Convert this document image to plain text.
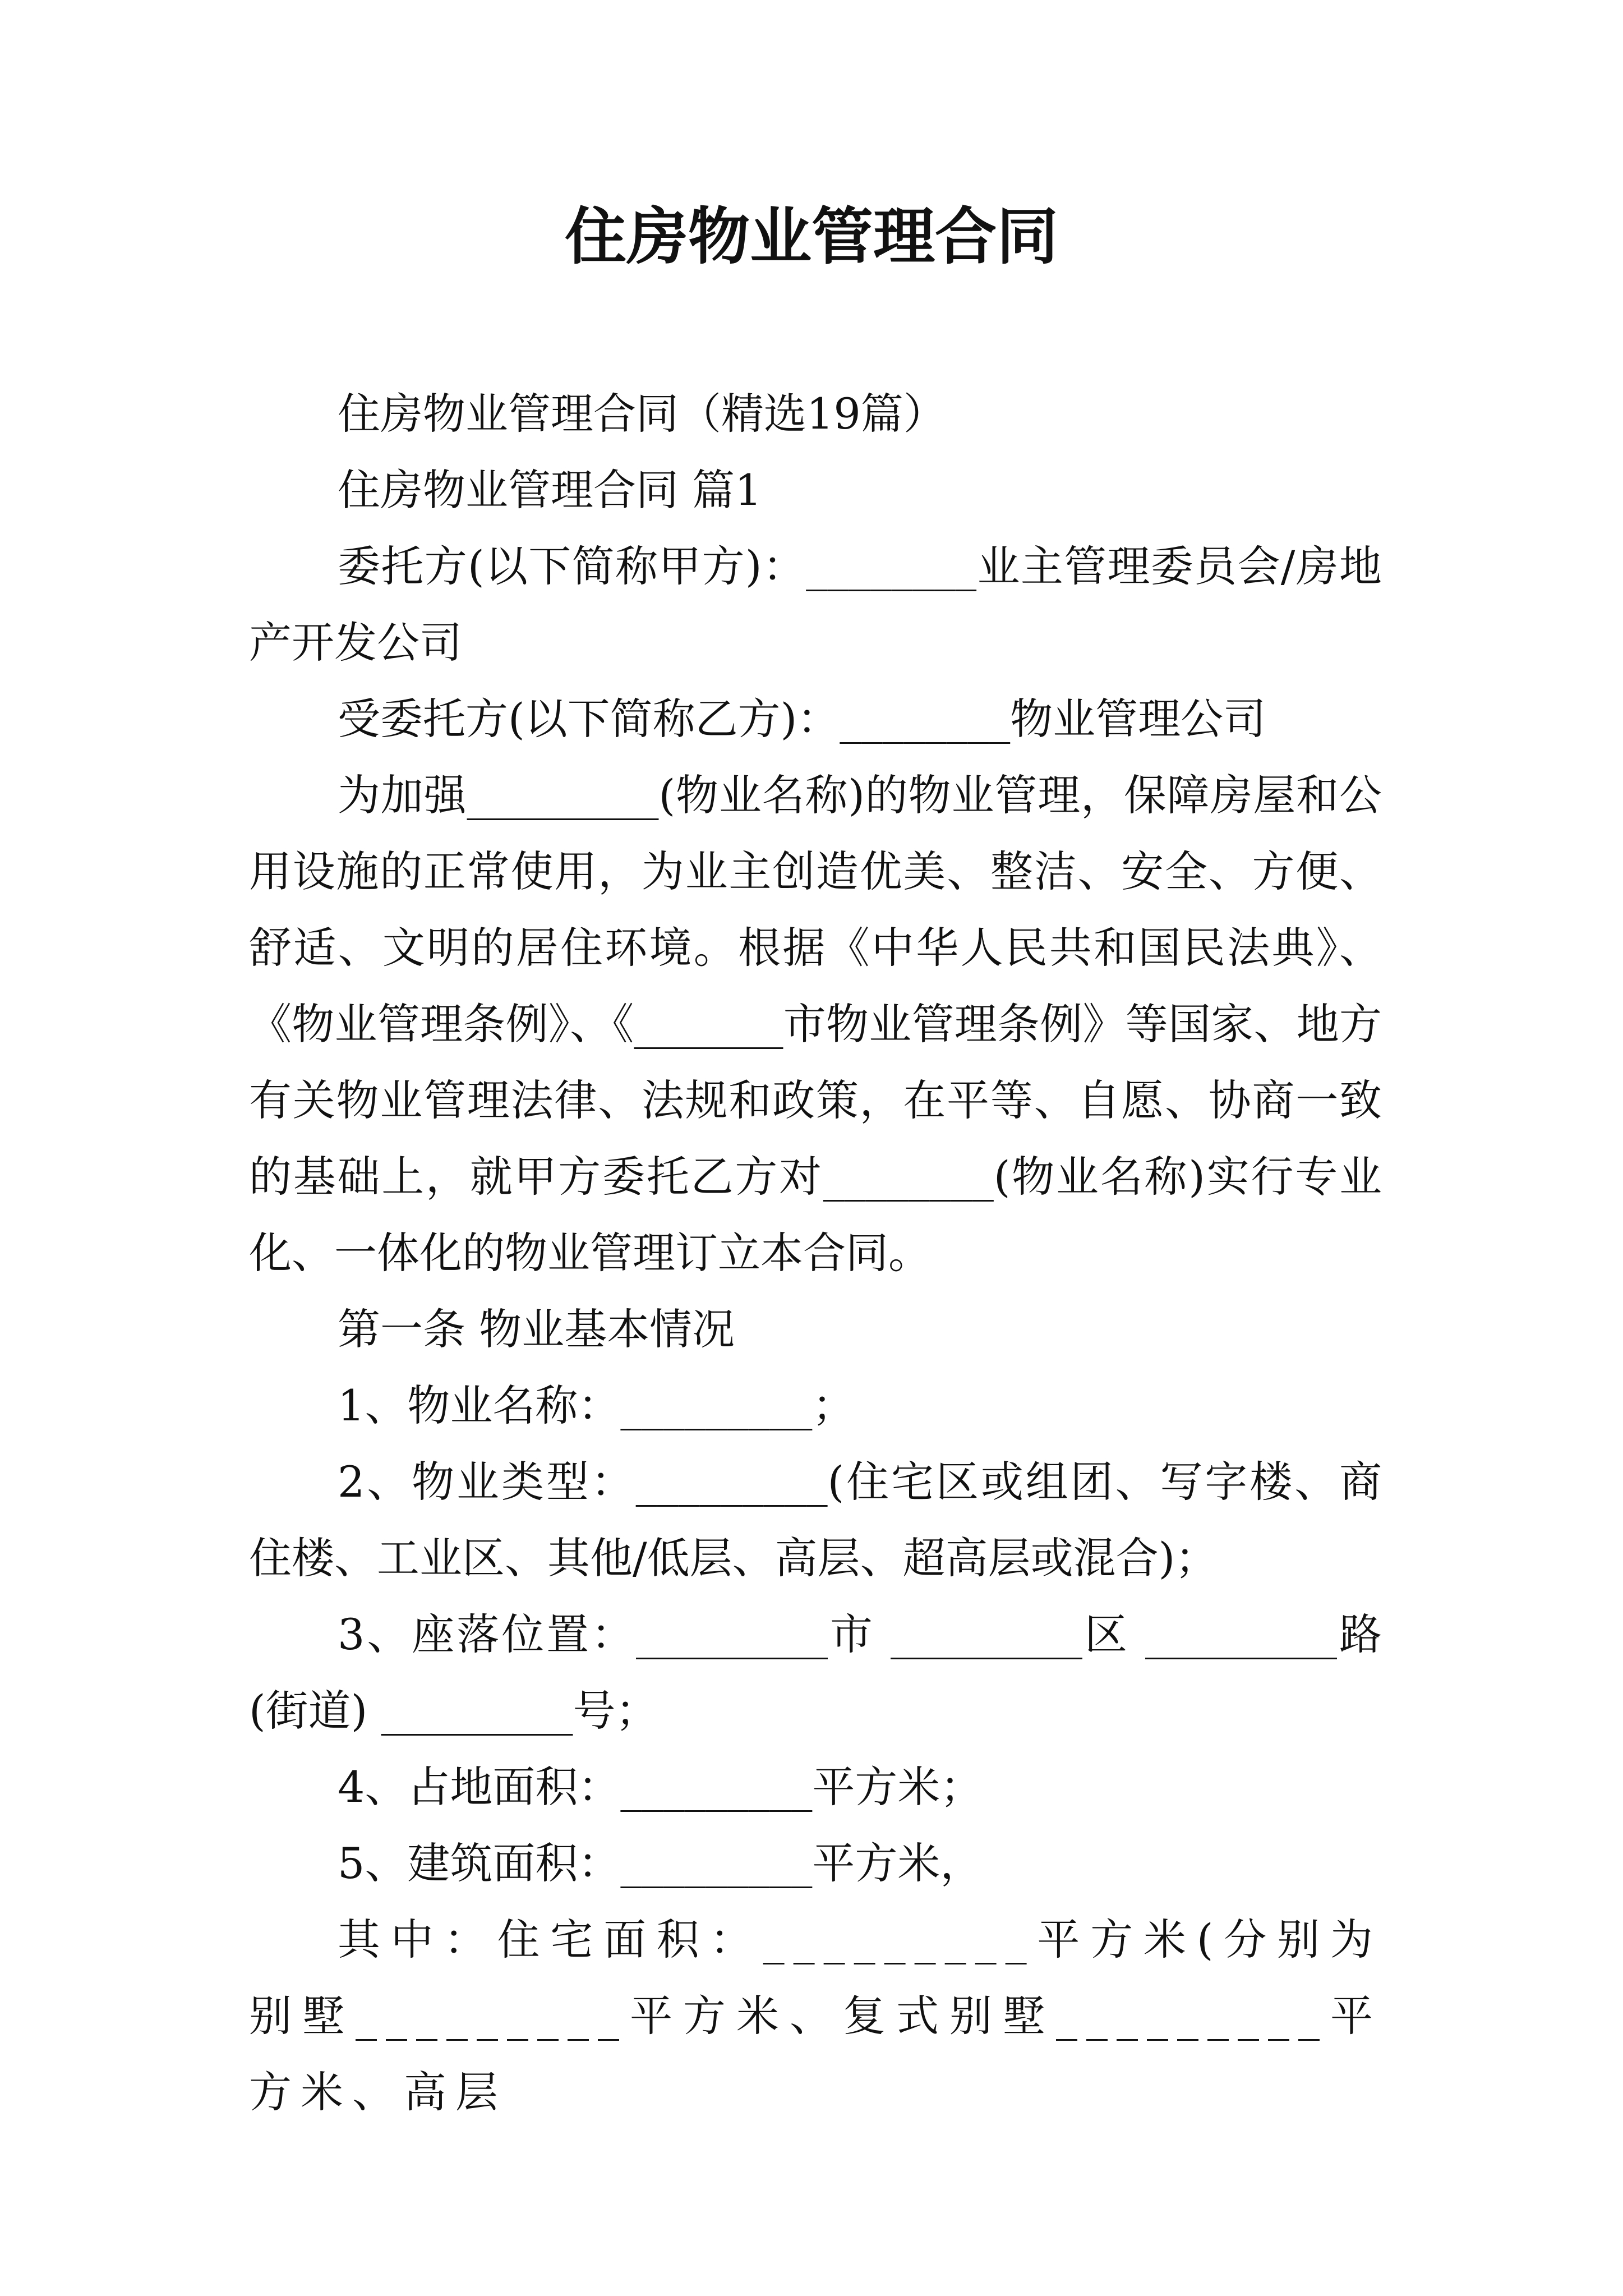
住房物业管理合同

住房物业管理合同（精选19篇）

住房物业管理合同 篇1

委托方(以下简称甲方)：________业主管理委员会/房地产开发公司

受委托方(以下简称乙方)：________物业管理公司

为加强_________(物业名称)的物业管理，保障房屋和公用设施的正常使用，为业主创造优美、整洁、安全、方便、舒适、文明的居住环境。根据《中华人民共和国民法典》、《物业管理条例》、《_______市物业管理条例》等国家、地方有关物业管理法律、法规和政策，在平等、自愿、协商一致的基础上，就甲方委托乙方对________(物业名称)实行专业化、一体化的物业管理订立本合同。

第一条 物业基本情况

1、物业名称：_________；

2、物业类型：_________(住宅区或组团、写字楼、商住楼、工业区、其他/低层、高层、超高层或混合)；

3、座落位置：_________市 _________区 _________路(街道) _________号；

4、占地面积：_________平方米；

5、建筑面积：_________平方米，

其中：住宅面积：_________平方米(分别为别墅_________平方米、复式别墅_________平方米、高层
